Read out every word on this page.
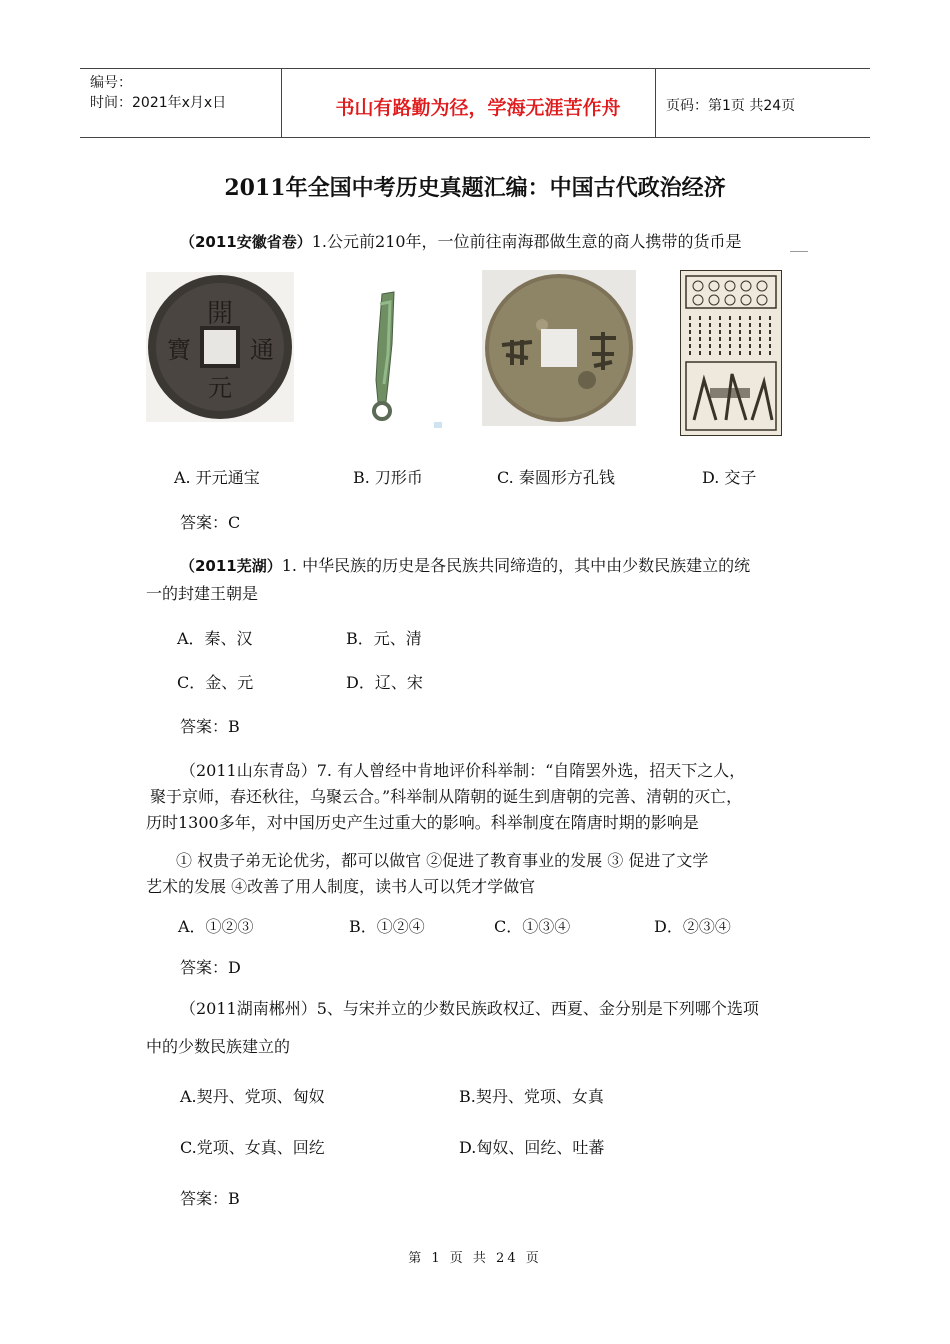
编号：
时间：2021年x月x日	书山有路勤为径，学海无涯苦作舟	页码：第1页 共24页
2011年全国中考历史真题汇编：中国古代政治经济
（2011安徽省卷）1.公元前210年，一位前往南海郡做生意的商人携带的货币是
開
元
通
寶
A. 开元通宝	B. 刀形币	C. 秦圆形方孔钱	D. 交子
答案：C
（2011芜湖）1. 中华民族的历史是各民族共同缔造的，其中由少数民族建立的统
一的封建王朝是
A．秦、汉	B．元、清
C．金、元	D．辽、宋
答案：B
（2011山东青岛）7. 有人曾经中肯地评价科举制：“自隋罢外选，招天下之人，
聚于京师，春还秋往，乌聚云合。”科举制从隋朝的诞生到唐朝的完善、清朝的灭亡，
历时1300多年，对中国历史产生过重大的影响。科举制度在隋唐时期的影响是
① 权贵子弟无论优劣，都可以做官 ②促进了教育事业的发展 ③ 促进了文学
艺术的发展 ④改善了用人制度，读书人可以凭才学做官
A．①②③	B．①②④	C．①③④	D．②③④
答案：D
（2011湖南郴州）5、与宋并立的少数民族政权辽、西夏、金分别是下列哪个选项
中的少数民族建立的
A.契丹、党项、匈奴	B.契丹、党项、女真
C.党项、女真、回纥	D.匈奴、回纥、吐蕃
答案：B
第 1 页 共 24 页
